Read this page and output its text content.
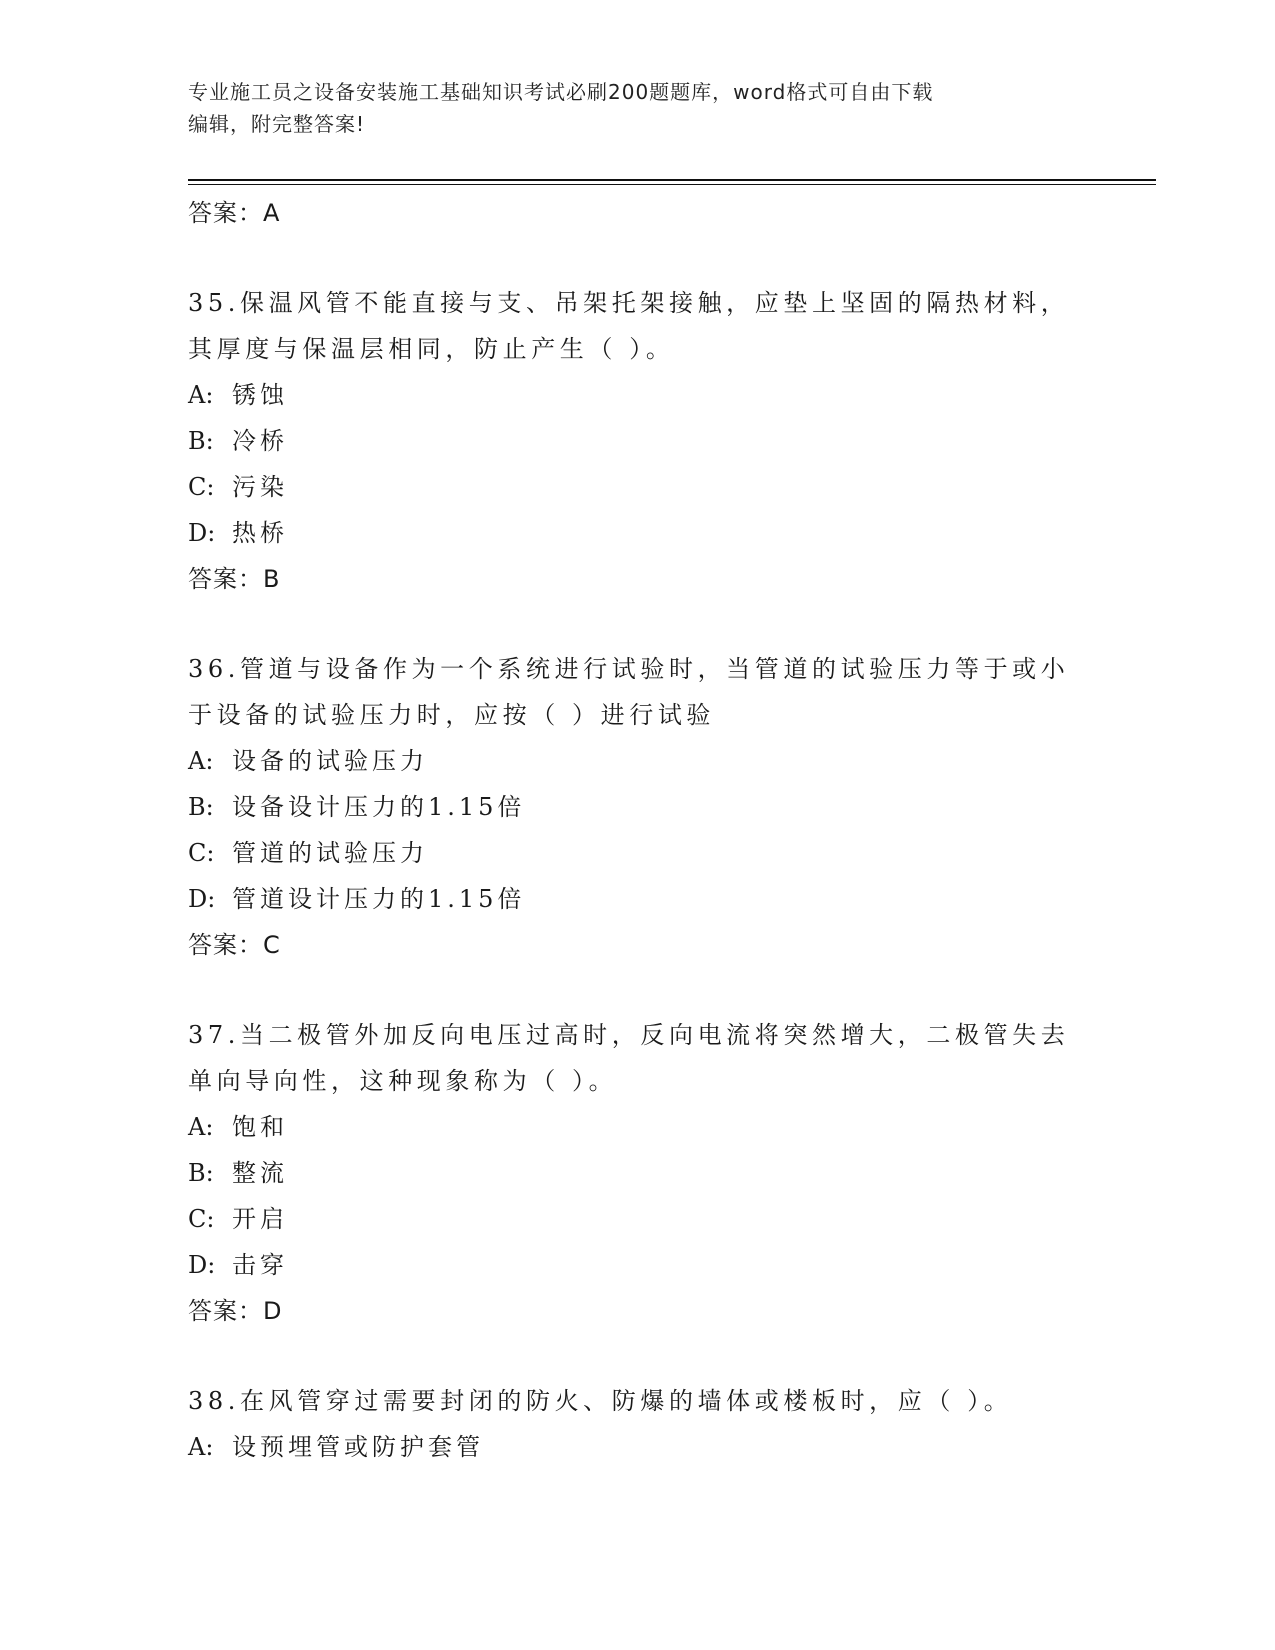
专业施工员之设备安装施工基础知识考试必刷200题题库，word格式可自由下载
编辑，附完整答案!
答案：A
35.保温风管不能直接与支、吊架托架接触，应垫上坚固的隔热材料，
其厚度与保温层相同，防止产生（ ）。
A: 锈蚀
B: 冷桥
C: 污染
D: 热桥
答案：B
36.管道与设备作为一个系统进行试验时，当管道的试验压力等于或小
于设备的试验压力时，应按（ ）进行试验
A: 设备的试验压力
B: 设备设计压力的1.15倍
C: 管道的试验压力
D: 管道设计压力的1.15倍
答案：C
37.当二极管外加反向电压过高时，反向电流将突然增大，二极管失去
单向导向性，这种现象称为（ ）。
A: 饱和
B: 整流
C: 开启
D: 击穿
答案：D
38.在风管穿过需要封闭的防火、防爆的墙体或楼板时，应（ ）。
A: 设预埋管或防护套管
